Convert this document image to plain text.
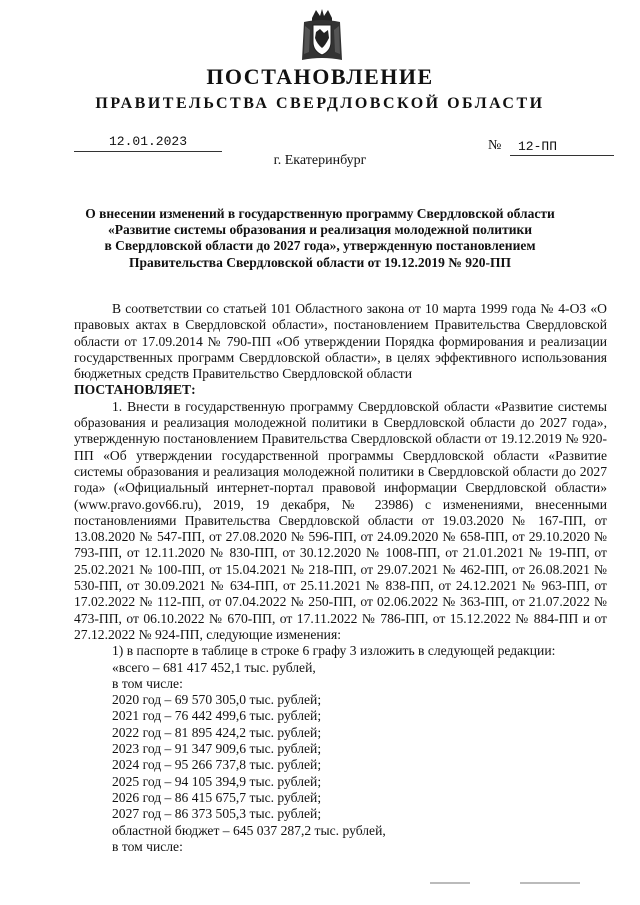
ПОСТАНОВЛЕНИЕ
ПРАВИТЕЛЬСТВА СВЕРДЛОВСКОЙ ОБЛАСТИ
12.01.2023	№	12-ПП
г. Екатеринбург
О внесении изменений в государственную программу Свердловской области
«Развитие системы образования и реализация молодежной политики
в Свердловской области до 2027 года», утвержденную постановлением
Правительства Свердловской области от 19.12.2019 № 920-ПП

В соответствии со статьей 101 Областного закона от 10 марта 1999 года № 4-ОЗ «О правовых актах в Свердловской области», постановлением Правительства Свердловской области от 17.09.2014 № 790-ПП «Об утверждении Порядка формирования и реализации государственных программ Свердловской области», в целях эффективного использования бюджетных средств Правительство Свердловской области

ПОСТАНОВЛЯЕТ:

1. Внести в государственную программу Свердловской области «Развитие системы образования и реализация молодежной политики в Свердловской области до 2027 года», утвержденную постановлением Правительства Свердловской области от 19.12.2019 № 920-ПП «Об утверждении государственной программы Свердловской области «Развитие системы образования и реализация молодежной политики в Свердловской области до 2027 года» («Официальный интернет-портал правовой информации Свердловской области» (www.pravo.gov66.ru), 2019, 19 декабря, № 23986) с изменениями, внесенными постановлениями Правительства Свердловской области от 19.03.2020 № 167-ПП, от 13.08.2020 № 547-ПП, от 27.08.2020 № 596-ПП, от 24.09.2020 № 658-ПП, от 29.10.2020 № 793-ПП, от 12.11.2020 № 830-ПП, от 30.12.2020 № 1008-ПП, от 21.01.2021 № 19-ПП, от 25.02.2021 № 100-ПП, от 15.04.2021 № 218-ПП, от 29.07.2021 № 462-ПП, от 26.08.2021 № 530-ПП, от 30.09.2021 № 634-ПП, от 25.11.2021 № 838-ПП, от 24.12.2021 № 963-ПП, от 17.02.2022 № 112-ПП, от 07.04.2022 № 250-ПП, от 02.06.2022 № 363-ПП, от 21.07.2022 № 473-ПП, от 06.10.2022 № 670-ПП, от 17.11.2022 № 786-ПП, от 15.12.2022 № 884-ПП и от 27.12.2022 № 924-ПП, следующие изменения:

1) в паспорте в таблице в строке 6 графу 3 изложить в следующей редакции:

«всего – 681 417 452,1 тыс. рублей,

в том числе:

2020 год – 69 570 305,0 тыс. рублей;

2021 год – 76 442 499,6 тыс. рублей;

2022 год – 81 895 424,2 тыс. рублей;

2023 год – 91 347 909,6 тыс. рублей;

2024 год – 95 266 737,8 тыс. рублей;

2025 год – 94 105 394,9 тыс. рублей;

2026 год – 86 415 675,7 тыс. рублей;

2027 год – 86 373 505,3 тыс. рублей;

областной бюджет – 645 037 287,2 тыс. рублей,

в том числе:
